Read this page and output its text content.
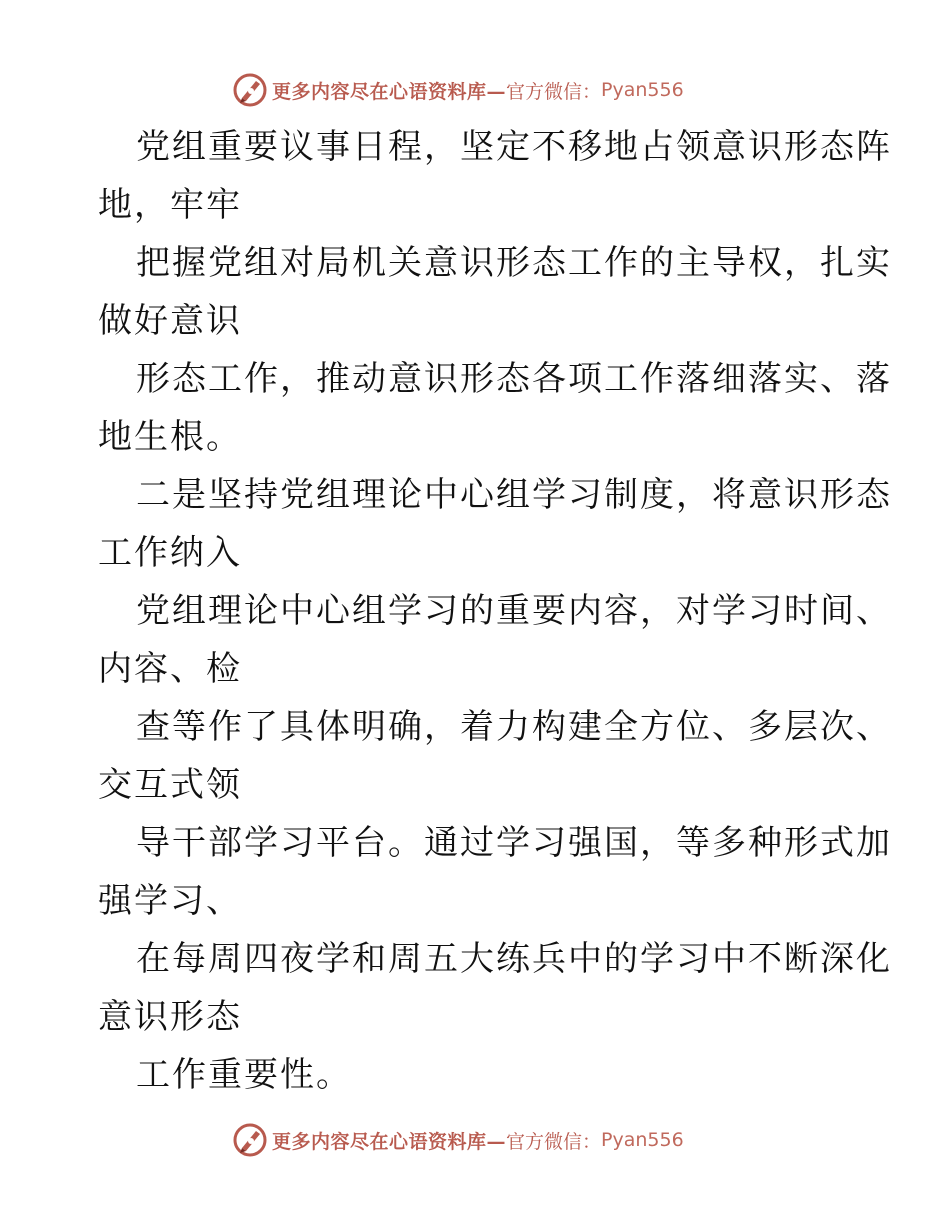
更多内容尽在心语资料库— 官方微信： Pyan556
党组重要议事日程，坚定不移地占领意识形态阵
地，牢牢
把握党组对局机关意识形态工作的主导权，扎实
做好意识
形态工作，推动意识形态各项工作落细落实、落
地生根。
二是坚持党组理论中心组学习制度，将意识形态
工作纳入
党组理论中心组学习的重要内容，对学习时间、
内容、检
查等作了具体明确，着力构建全方位、多层次、
交互式领
导干部学习平台。通过学习强国，等多种形式加
强学习、
在每周四夜学和周五大练兵中的学习中不断深化
意识形态
工作重要性。
更多内容尽在心语资料库— 官方微信： Pyan556
